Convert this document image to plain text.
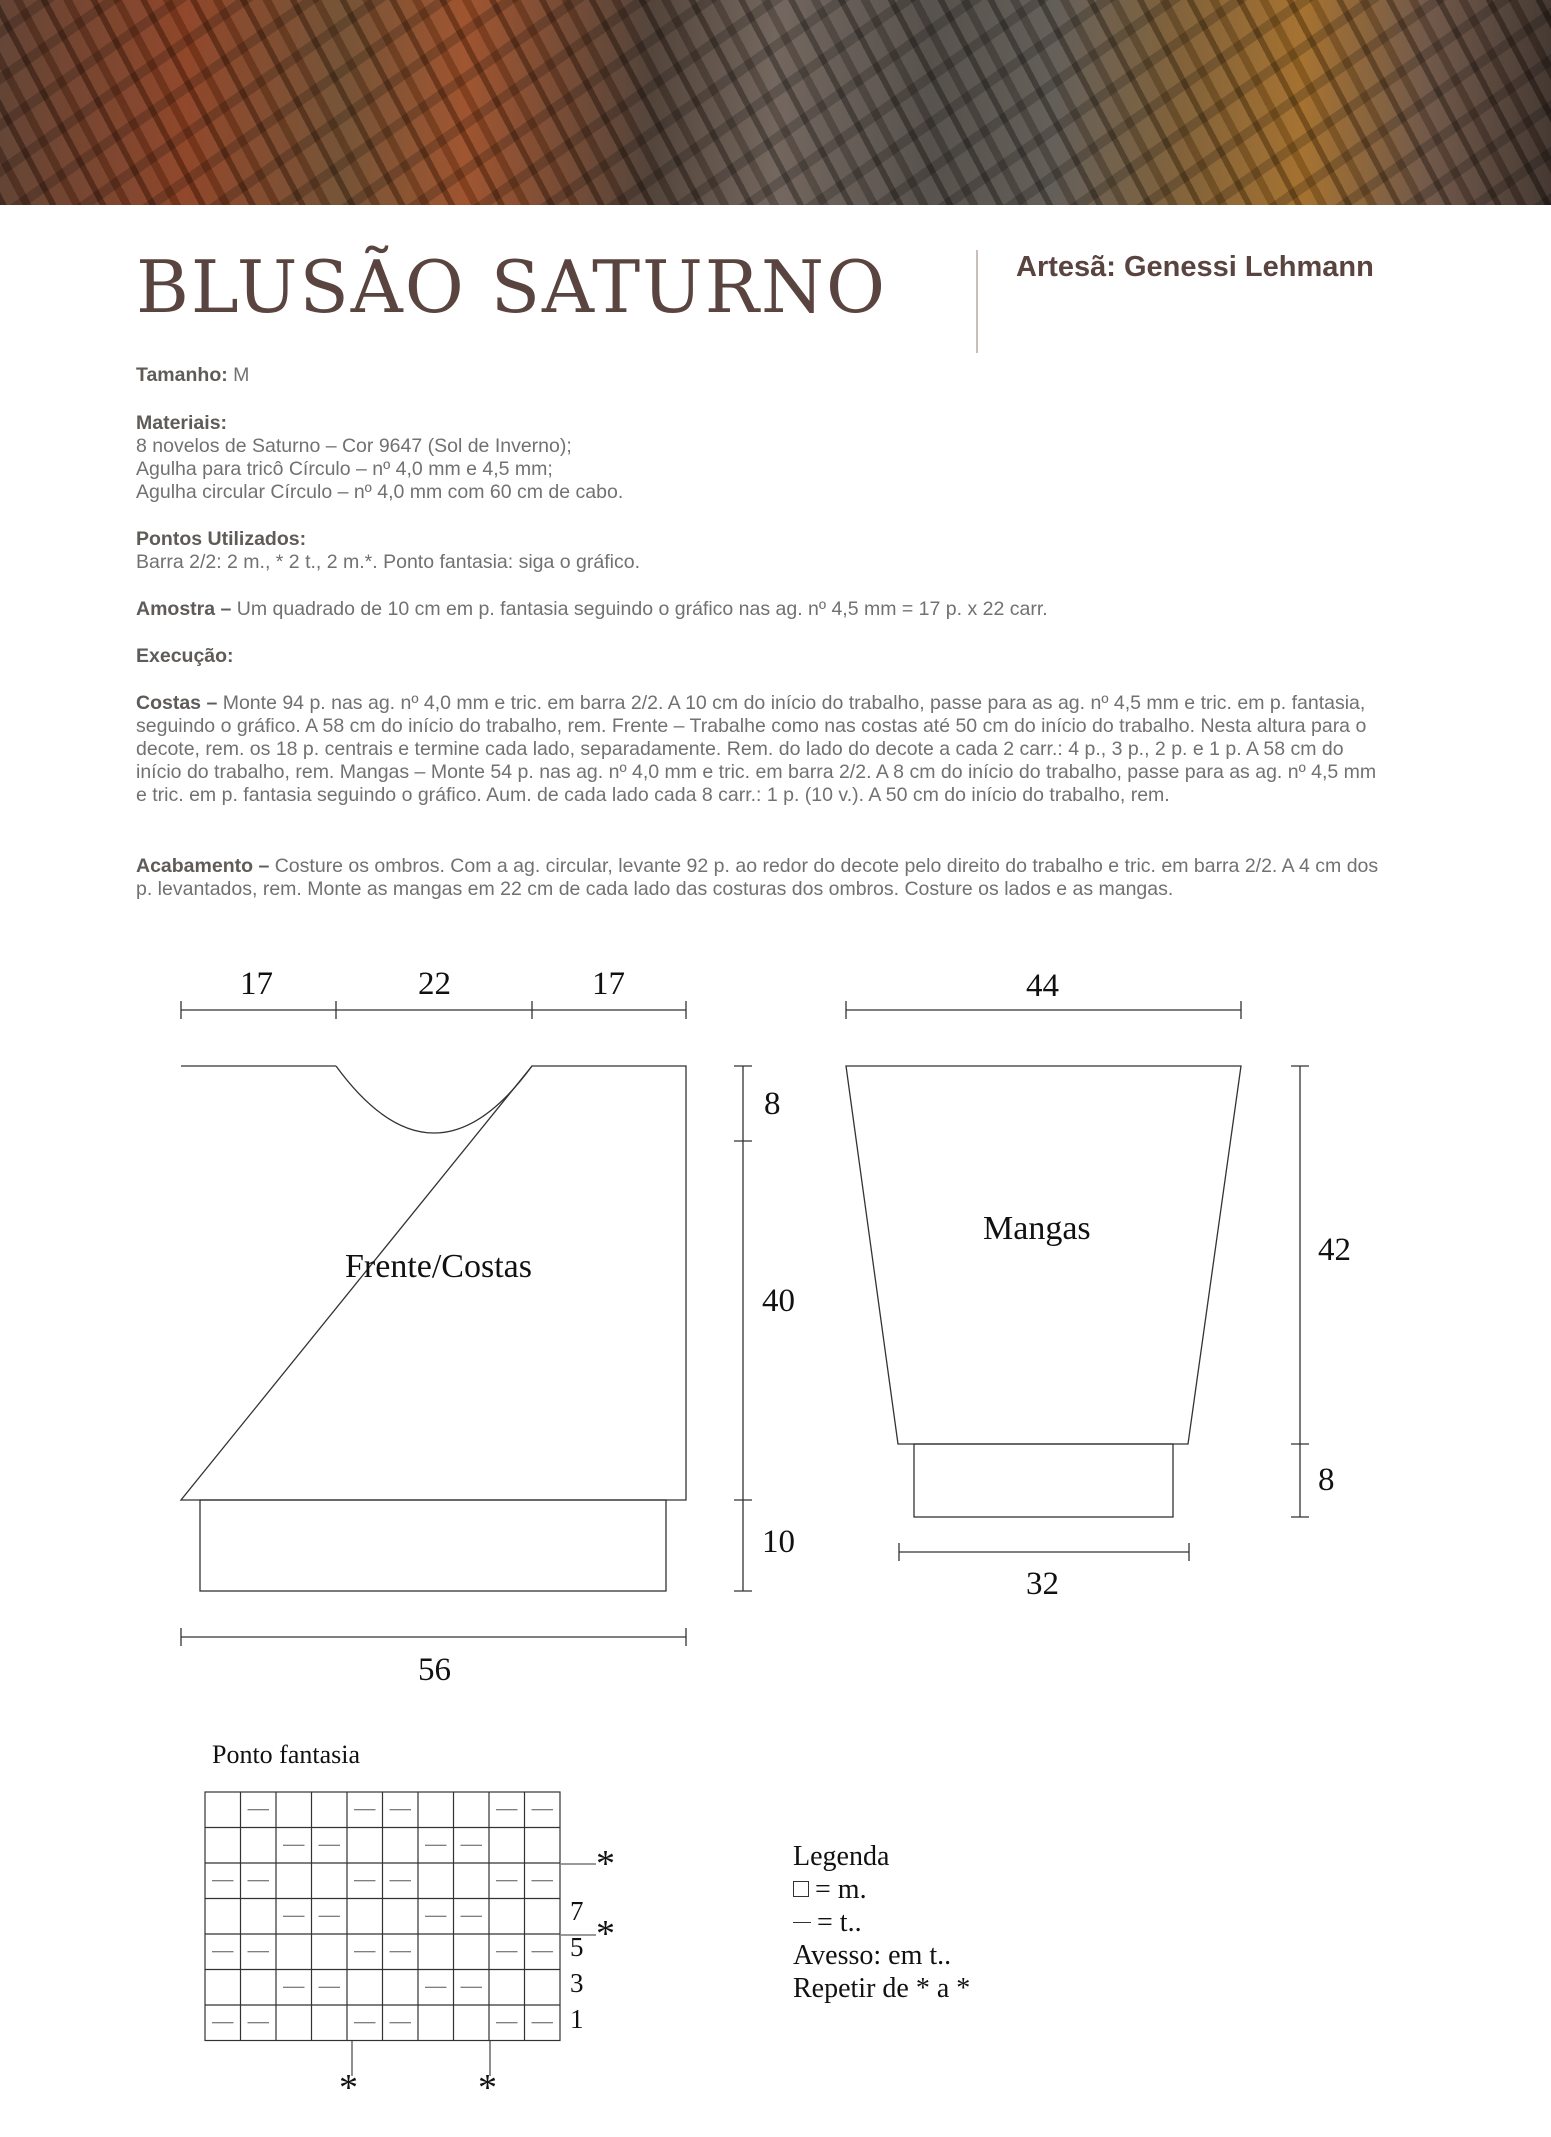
BLUSÃO SATURNO	Artesã: Genessi Lehmann
Tamanho: M
Materiais:
8 novelos de Saturno – Cor 9647 (Sol de Inverno);
Agulha para tricô Círculo – nº 4,0 mm e 4,5 mm;
Agulha circular Círculo – nº 4,0 mm com 60 cm de cabo.
Pontos Utilizados:
Barra 2/2: 2 m., * 2 t., 2 m.*. Ponto fantasia: siga o gráfico.
Amostra – Um quadrado de 10 cm em p. fantasia seguindo o gráfico nas ag. nº 4,5 mm = 17 p. x 22 carr.
Execução:
Costas – Monte 94 p. nas ag. nº 4,0 mm e tric. em barra 2/2. A 10 cm do início do trabalho, passe para as ag. nº 4,5 mm e tric. em p. fantasia, seguindo o gráfico. A 58 cm do início do trabalho, rem. Frente – Trabalhe como nas costas até 50 cm do início do trabalho. Nesta altura para o decote, rem. os 18 p. centrais e termine cada lado, separadamente. Rem. do lado do decote a cada 2 carr.: 4 p., 3 p., 2 p. e 1 p. A 58 cm do início do trabalho, rem. Mangas – Monte 54 p. nas ag. nº 4,0 mm e tric. em barra 2/2. A 8 cm do início do trabalho, passe para as ag. nº 4,5 mm e tric. em p. fantasia seguindo o gráfico. Aum. de cada lado cada 8 carr.: 1 p. (10 v.). A 50 cm do início do trabalho, rem.
Acabamento – Costure os ombros. Com a ag. circular, levante 92 p. ao redor do decote pelo direito do trabalho e tric. em barra 2/2. A 4 cm dos p. levantados, rem. Monte as mangas em 22 cm de cada lado das costuras dos ombros. Costure os lados e as mangas.
17	22	17
8
40
10
56
Frente/Costas
44
42
8
32
Mangas
Ponto fantasia
7
5
3
1
*
*
*	*
Legenda
= m.
= t..
Avesso: em t..
Repetir de * a *
